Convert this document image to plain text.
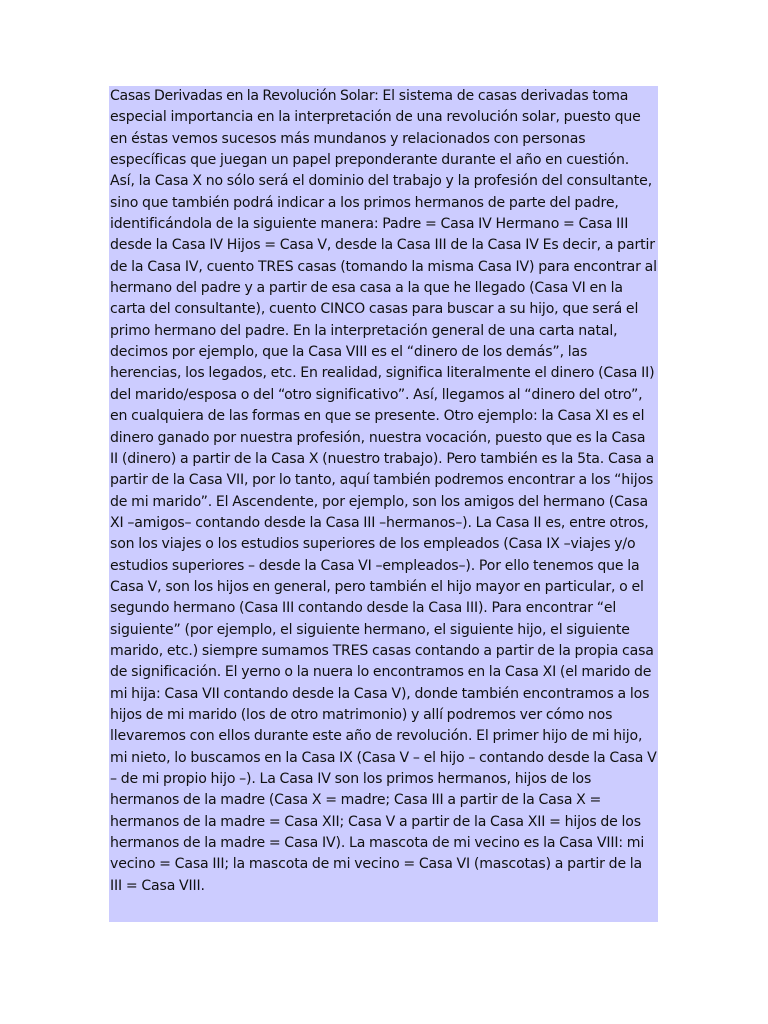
Casas Derivadas en la Revolución Solar: El sistema de casas derivadas toma especial importancia en la interpretación de una revolución solar, puesto que en éstas vemos sucesos más mundanos y relacionados con personas específicas que juegan un papel preponderante durante el año en cuestión. Así, la Casa X no sólo será el dominio del trabajo y la profesión del consultante, sino que también podrá indicar a los primos hermanos de parte del padre, identificándola de la siguiente manera: Padre = Casa IV Hermano = Casa III desde la Casa IV Hijos = Casa V, desde la Casa III de la Casa IV Es decir, a partir de la Casa IV, cuento TRES casas (tomando la misma Casa IV) para encontrar al hermano del padre y a partir de esa casa a la que he llegado (Casa VI en la carta del consultante), cuento CINCO casas para buscar a su hijo, que será el primo hermano del padre. En la interpretación general de una carta natal, decimos por ejemplo, que la Casa VIII es el “dinero de los demás”, las herencias, los legados, etc. En realidad, significa literalmente el dinero (Casa II) del marido/esposa o del “otro significativo”. Así, llegamos al “dinero del otro”, en cualquiera de las formas en que se presente. Otro ejemplo: la Casa XI es el dinero ganado por nuestra profesión, nuestra vocación, puesto que es la Casa II (dinero) a partir de la Casa X (nuestro trabajo). Pero también es la 5ta. Casa a partir de la Casa VII, por lo tanto, aquí también podremos encontrar a los “hijos de mi marido”. El Ascendente, por ejemplo, son los amigos del hermano (Casa XI –amigos– contando desde la Casa III –hermanos–). La Casa II es, entre otros, son los viajes o los estudios superiores de los empleados (Casa IX –viajes y/o estudios superiores – desde la Casa VI –empleados–). Por ello tenemos que la Casa V, son los hijos en general, pero también el hijo mayor en particular, o el segundo hermano (Casa III contando desde la Casa III). Para encontrar “el siguiente” (por ejemplo, el siguiente hermano, el siguiente hijo, el siguiente marido, etc.) siempre sumamos TRES casas contando a partir de la propia casa de significación. El yerno o la nuera lo encontramos en la Casa XI (el marido de mi hija: Casa VII contando desde la Casa V), donde también encontramos a los hijos de mi marido (los de otro matrimonio) y allí podremos ver cómo nos llevaremos con ellos durante este año de revolución. El primer hijo de mi hijo, mi nieto, lo buscamos en la Casa IX (Casa V – el hijo – contando desde la Casa V – de mi propio hijo –). La Casa IV son los primos hermanos, hijos de los hermanos de la madre (Casa X = madre; Casa III a partir de la Casa X = hermanos de la madre = Casa XII; Casa V a partir de la Casa XII = hijos de los hermanos de la madre = Casa IV). La mascota de mi vecino es la Casa VIII: mi vecino = Casa III; la mascota de mi vecino = Casa VI (mascotas) a partir de la III = Casa VIII.
